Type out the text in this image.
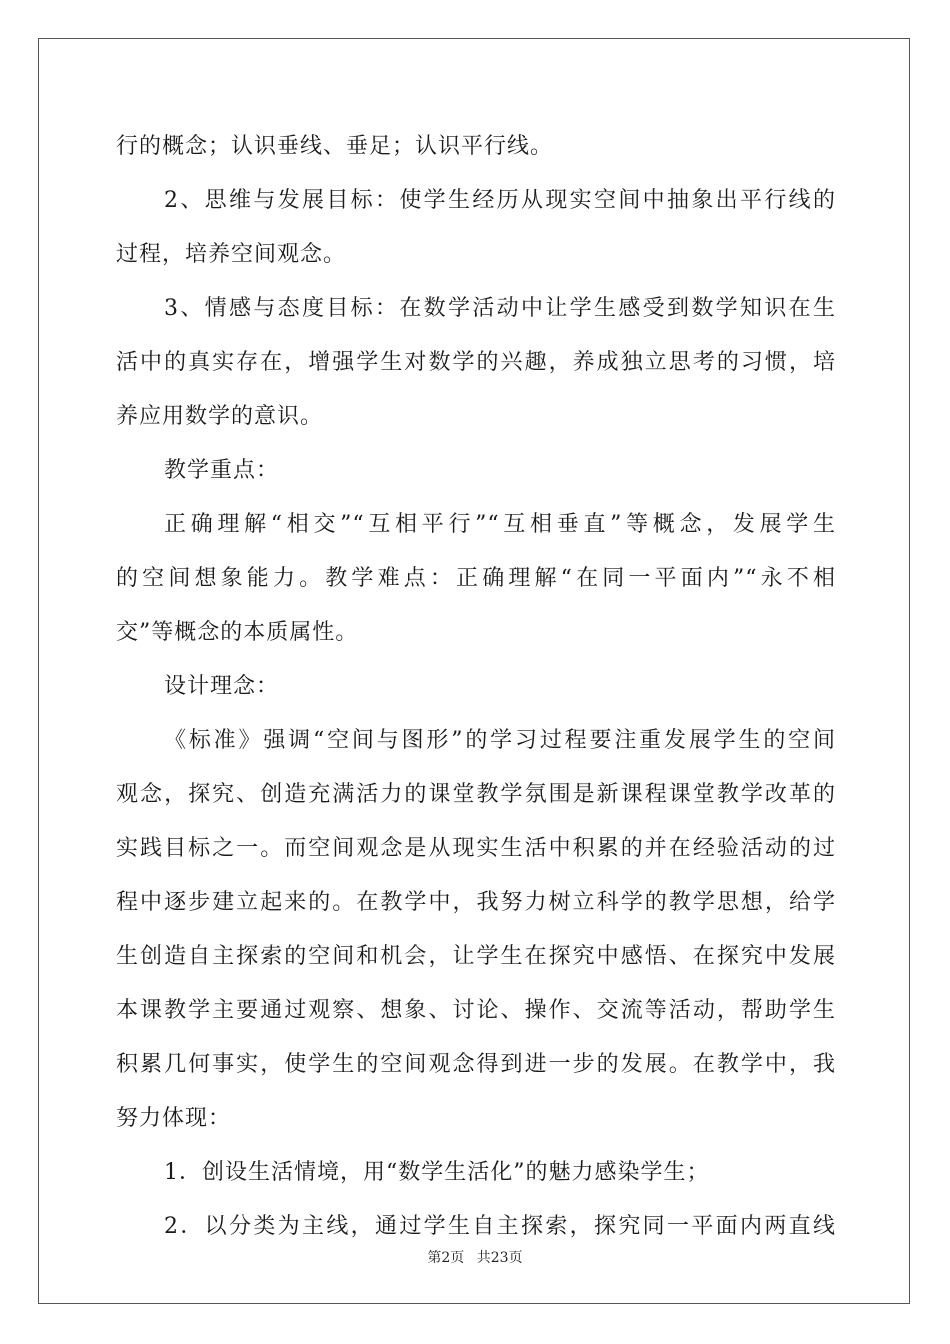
行的概念；认识垂线、垂足；认识平行线。
2、思维与发展目标：使学生经历从现实空间中抽象出平行线的
过程，培养空间观念。
3、情感与态度目标：在数学活动中让学生感受到数学知识在生
活中的真实存在，增强学生对数学的兴趣，养成独立思考的习惯，培
养应用数学的意识。
教学重点：
正确理解“相交”“互相平行”“互相垂直”等概念，发展学生
的空间想象能力。教学难点：正确理解“在同一平面内”“永不相
交”等概念的本质属性。
设计理念：
《标准》强调“空间与图形”的学习过程要注重发展学生的空间
观念，探究、创造充满活力的课堂教学氛围是新课程课堂教学改革的
实践目标之一。而空间观念是从现实生活中积累的并在经验活动的过
程中逐步建立起来的。在教学中，我努力树立科学的教学思想，给学
生创造自主探索的空间和机会，让学生在探究中感悟、在探究中发展
本课教学主要通过观察、想象、讨论、操作、交流等活动，帮助学生
积累几何事实，使学生的空间观念得到进一步的发展。在教学中，我
努力体现：
1．创设生活情境，用“数学生活化”的魅力感染学生；
2．以分类为主线，通过学生自主探索，探究同一平面内两直线
第2页 共23页
